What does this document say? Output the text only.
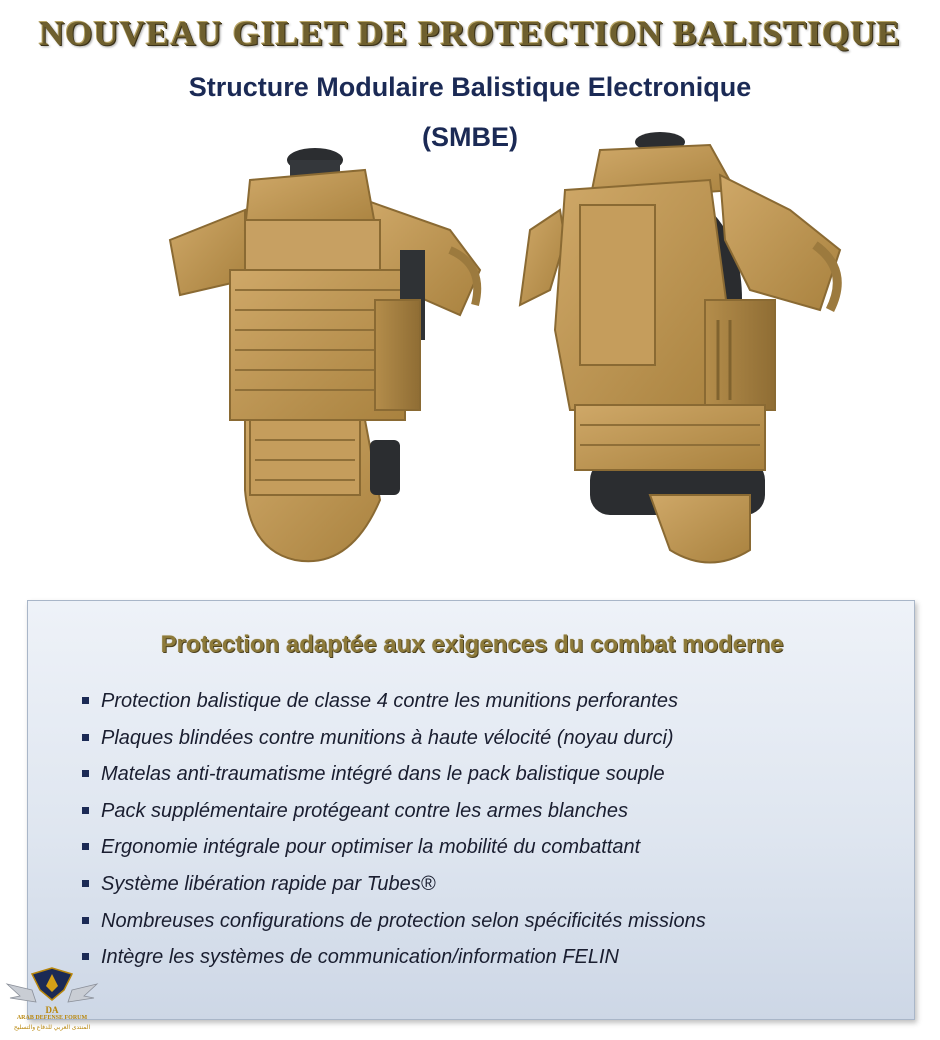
NOUVEAU GILET DE PROTECTION BALISTIQUE
Structure Modulaire Balistique Electronique
(SMBE)
Protection adaptée aux exigences du combat moderne
Protection balistique de classe 4 contre les munitions perforantes
Plaques blindées contre munitions à haute vélocité (noyau durci)
Matelas anti-traumatisme intégré dans le pack balistique souple
Pack supplémentaire protégeant contre les armes blanches
Ergonomie intégrale pour optimiser la mobilité du combattant
Système libération rapide par Tubes®
Nombreuses configurations de protection selon spécificités missions
Intègre les systèmes de communication/information FELIN
DA
ARAB DEFENSE FORUM
المنتدى العربي للدفاع والتسليح
